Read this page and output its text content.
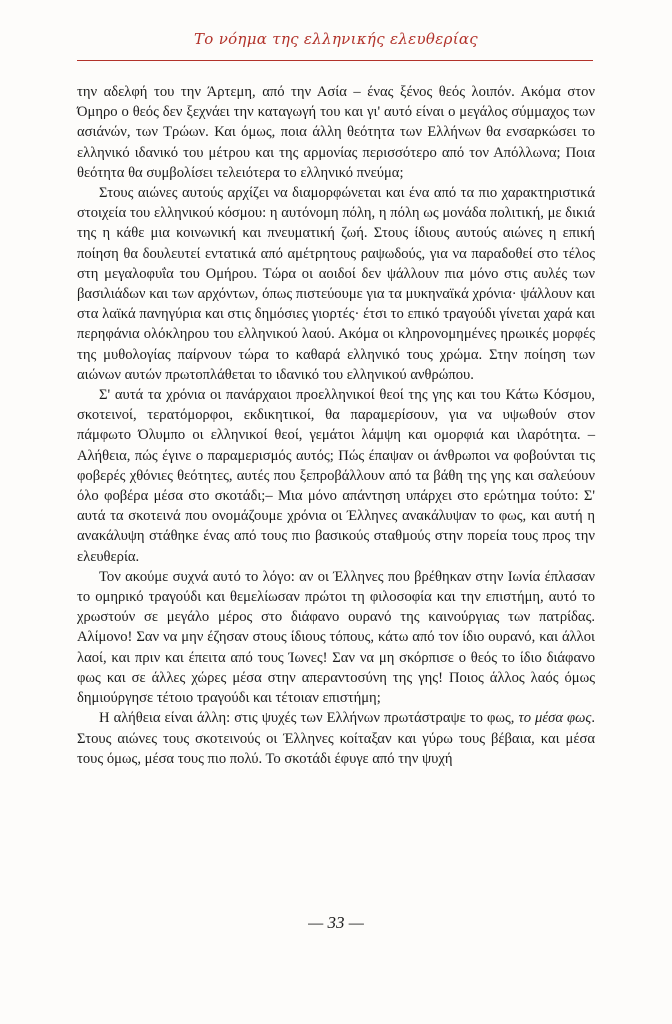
Το νόημα της ελληνικής ελευθερίας

την αδελφή του την Άρτεμη, από την Ασία – ένας ξένος θεός λοιπόν. Ακόμα στον Όμηρο ο θεός δεν ξεχνάει την καταγωγή του και γι' αυτό είναι ο μεγάλος σύμμαχος των ασιάνών, των Τρώων. Και όμως, ποια άλλη θεότητα των Ελλήνων θα ενσαρκώσει το ελληνικό ιδανικό του μέτρου και της αρμονίας περισσότερο από τον Απόλλωνα; Ποια θεότητα θα συμβολίσει τελειότερα το ελληνικό πνεύμα;

Στους αιώνες αυτούς αρχίζει να διαμορφώνεται και ένα από τα πιο χαρακτηριστικά στοιχεία του ελληνικού κόσμου: η αυτόνομη πόλη, η πόλη ως μονάδα πολιτική, με δικιά της η κάθε μια κοινωνική και πνευματική ζωή. Στους ίδιους αυτούς αιώνες η επική ποίηση θα δουλευτεί εντατικά από αμέτρητους ραψωδούς, για να παραδοθεί στο τέλος στη μεγαλοφυΐα του Ομήρου. Τώρα οι αοιδοί δεν ψάλλουν πια μόνο στις αυλές των βασιλιάδων και των αρχόντων, όπως πιστεύουμε για τα μυκηναϊκά χρόνια· ψάλλουν και στα λαϊκά πανηγύρια και στις δημόσιες γιορτές· έτσι το επικό τραγούδι γίνεται χαρά και περηφάνια ολόκληρου του ελληνικού λαού. Ακόμα οι κληρονομημένες ηρωικές μορφές της μυθολογίας παίρνουν τώρα το καθαρά ελληνικό τους χρώμα. Στην ποίηση των αιώνων αυτών πρωτοπλάθεται το ιδανικό του ελληνικού ανθρώπου.

Σ' αυτά τα χρόνια οι πανάρχαιοι προελληνικοί θεοί της γης και του Κάτω Κόσμου, σκοτεινοί, τερατόμορφοι, εκδικητικοί, θα παραμερίσουν, για να υψωθούν στον πάμφωτο Όλυμπο οι ελληνικοί θεοί, γεμάτοι λάμψη και ομορφιά και ιλαρότητα. –Αλήθεια, πώς έγινε ο παραμερισμός αυτός; Πώς έπαψαν οι άνθρωποι να φοβούνται τις φοβερές χθόνιες θεότητες, αυτές που ξεπροβάλλουν από τα βάθη της γης και σαλεύουν όλο φοβέρα μέσα στο σκοτάδι;– Μια μόνο απάντηση υπάρχει στο ερώτημα τούτο: Σ' αυτά τα σκοτεινά που ονομάζουμε χρόνια οι Έλληνες ανακάλυψαν το φως, και αυτή η ανακάλυψη στάθηκε ένας από τους πιο βασικούς σταθμούς στην πορεία τους προς την ελευθερία.

Τον ακούμε συχνά αυτό το λόγο: αν οι Έλληνες που βρέθηκαν στην Ιωνία έπλασαν το ομηρικό τραγούδι και θεμελίωσαν πρώτοι τη φιλοσοφία και την επιστήμη, αυτό το χρωστούν σε μεγάλο μέρος στο διάφανο ουρανό της καινούργιας των πατρίδας. Αλίμονο! Σαν να μην έζησαν στους ίδιους τόπους, κάτω από τον ίδιο ουρανό, και άλλοι λαοί, και πριν και έπειτα από τους Ίωνες! Σαν να μη σκόρπισε ο θεός το ίδιο διάφανο φως και σε άλλες χώρες μέσα στην απεραντοσύνη της γης! Ποιος άλλος λαός όμως δημιούργησε τέτοιο τραγούδι και τέτοιαν επιστήμη;

Η αλήθεια είναι άλλη: στις ψυχές των Ελλήνων πρωτάστραψε το φως, το μέσα φως. Στους αιώνες τους σκοτεινούς οι Έλληνες κοίταξαν και γύρω τους βέβαια, και μέσα τους όμως, μέσα τους πιο πολύ. Το σκοτάδι έφυγε από την ψυχή

— 33 —
